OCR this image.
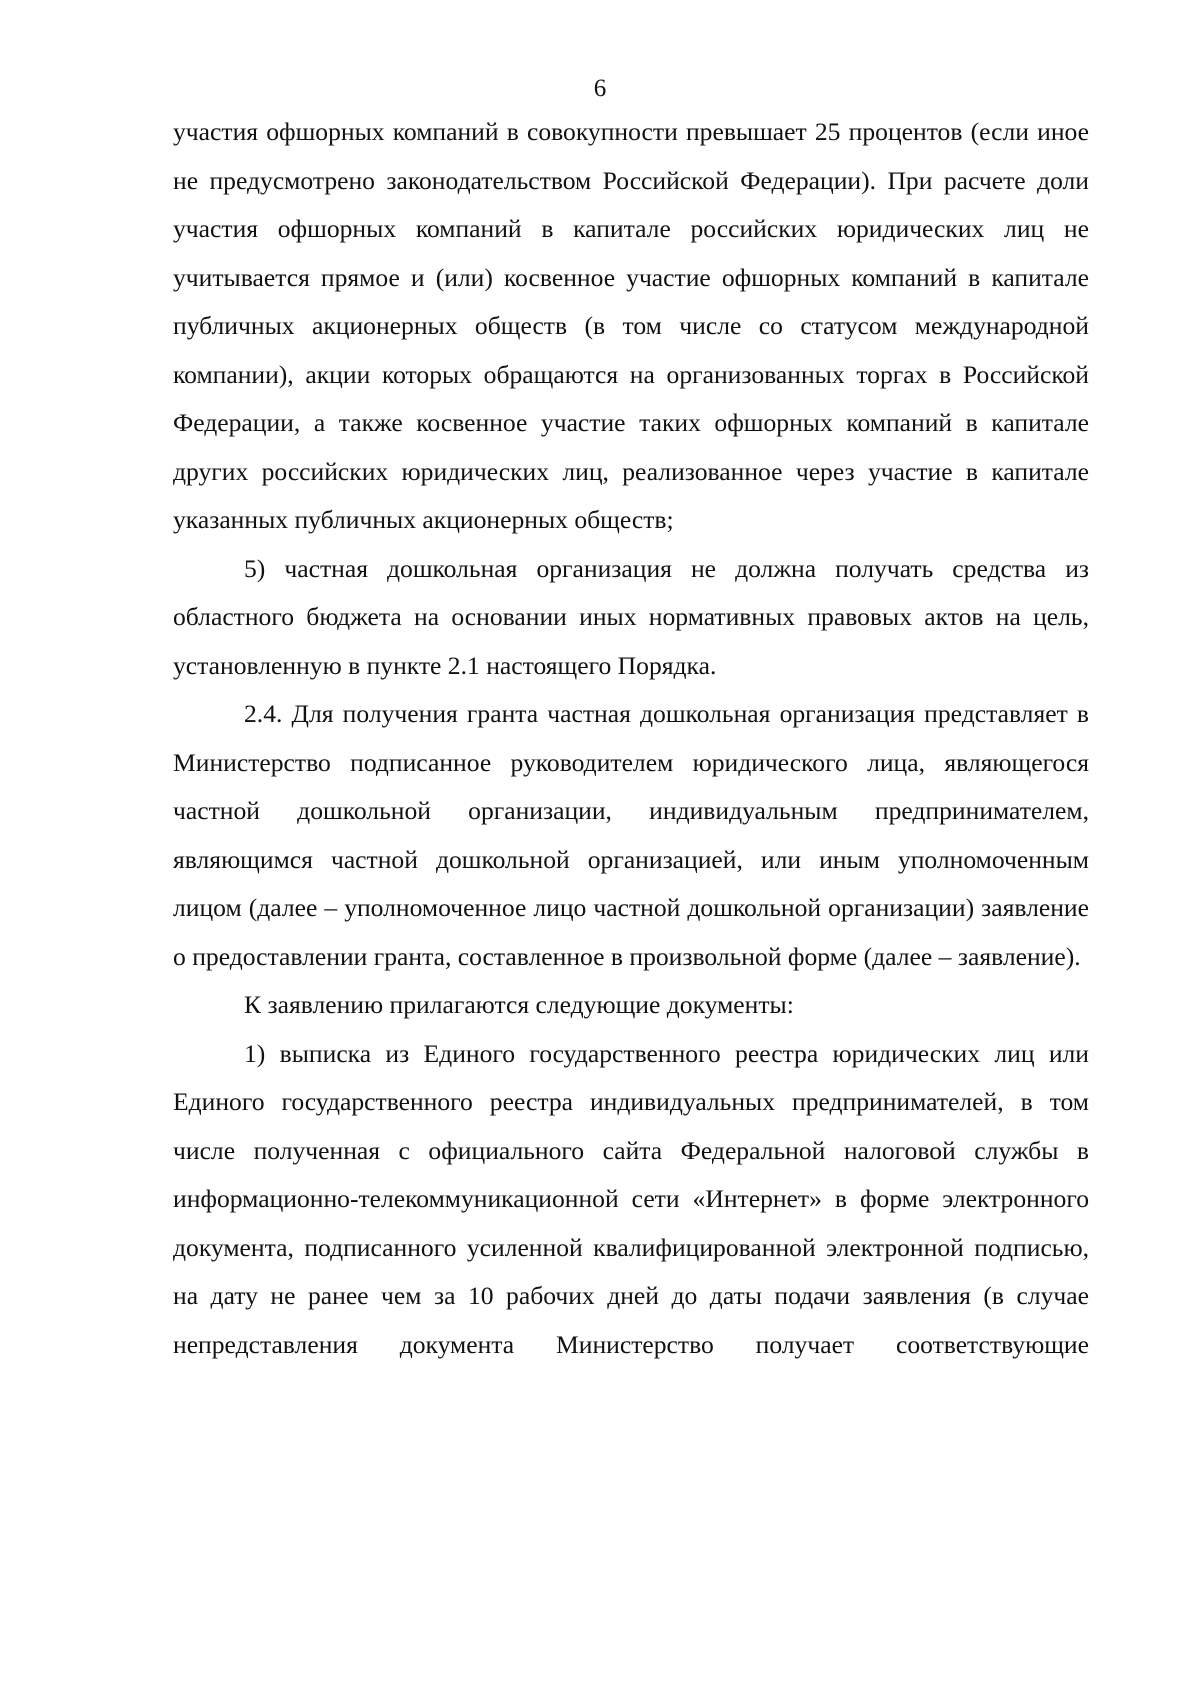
6

участия офшорных компаний в совокупности превышает 25 процентов (если иное не предусмотрено законодательством Российской Федерации). При расчете доли участия офшорных компаний в капитале российских юридических лиц не учитывается прямое и (или) косвенное участие офшорных компаний в капитале публичных акционерных обществ (в том числе со статусом международной компании), акции которых обращаются на организованных торгах в Российской Федерации, а также косвенное участие таких офшорных компаний в капитале других российских юридических лиц, реализованное через участие в капитале указанных публичных акционерных обществ;

5) частная дошкольная организация не должна получать средства из областного бюджета на основании иных нормативных правовых актов на цель, установленную в пункте 2.1 настоящего Порядка.

2.4. Для получения гранта частная дошкольная организация представляет в Министерство подписанное руководителем юридического лица, являющегося частной дошкольной организации, индивидуальным предпринимателем, являющимся частной дошкольной организацией, или иным уполномоченным лицом (далее – уполномоченное лицо частной дошкольной организации) заявление о предоставлении гранта, составленное в произвольной форме (далее – заявление).

К заявлению прилагаются следующие документы:

1) выписка из Единого государственного реестра юридических лиц или Единого государственного реестра индивидуальных предпринимателей, в том числе полученная с официального сайта Федеральной налоговой службы в информационно-телекоммуникационной сети «Интернет» в форме электронного документа, подписанного усиленной квалифицированной электронной подписью, на дату не ранее чем за 10 рабочих дней до даты подачи заявления (в случае непредставления документа Министерство получает соответствующие
